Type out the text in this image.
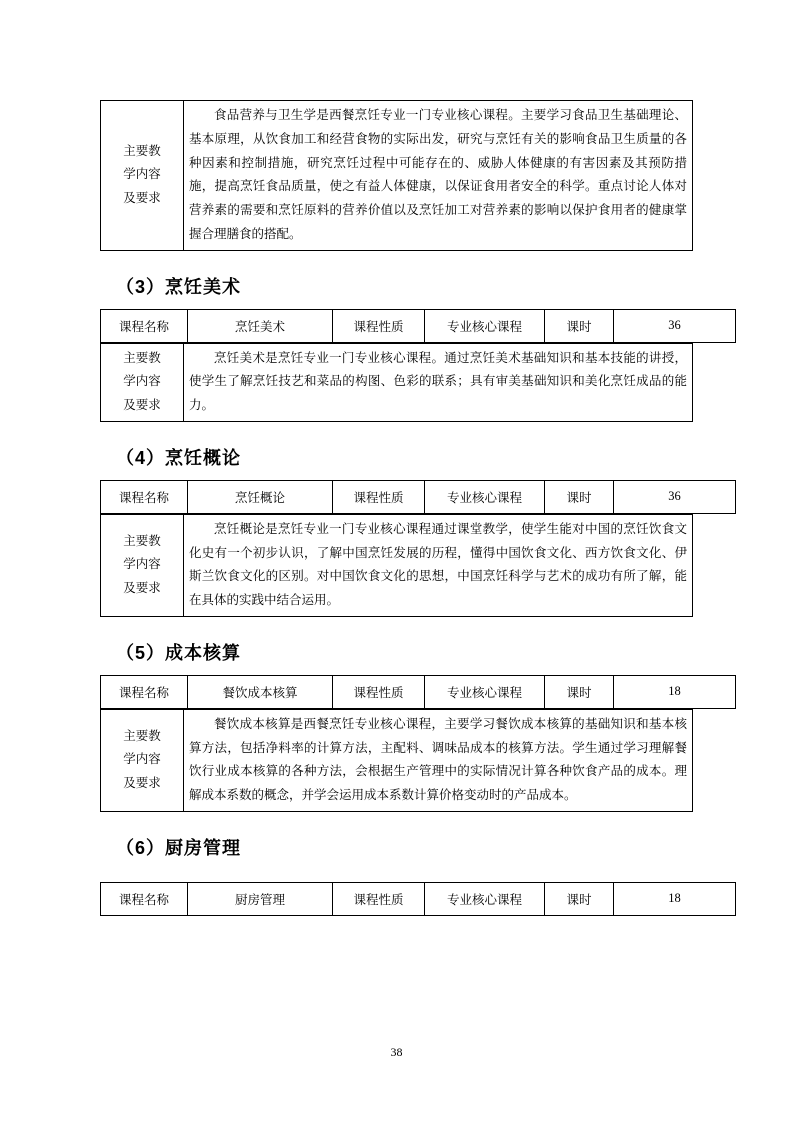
主要教
学内容
及要求

食品营养与卫生学是西餐烹饪专业一门专业核心课程。主要学习食品卫生基础理论、基本原理，从饮食加工和经营食物的实际出发，研究与烹饪有关的影响食品卫生质量的各种因素和控制措施，研究烹饪过程中可能存在的、威胁人体健康的有害因素及其预防措施，提高烹饪食品质量，使之有益人体健康，以保证食用者安全的科学。重点讨论人体对营养素的需要和烹饪原料的营养价值以及烹饪加工对营养素的影响以保护食用者的健康掌握合理膳食的搭配。

（3）烹饪美术
课程名称	烹饪美术	课程性质	专业核心课程	课时	36
主要教
学内容
及要求

烹饪美术是烹饪专业一门专业核心课程。通过烹饪美术基础知识和基本技能的讲授，使学生了解烹饪技艺和菜品的构图、色彩的联系；具有审美基础知识和美化烹饪成品的能力。

（4）烹饪概论
课程名称	烹饪概论	课程性质	专业核心课程	课时	36
主要教
学内容
及要求

烹饪概论是烹饪专业一门专业核心课程通过课堂教学，使学生能对中国的烹饪饮食文化史有一个初步认识，了解中国烹饪发展的历程，懂得中国饮食文化、西方饮食文化、伊斯兰饮食文化的区别。对中国饮食文化的思想，中国烹饪科学与艺术的成功有所了解，能在具体的实践中结合运用。

（5）成本核算
课程名称	餐饮成本核算	课程性质	专业核心课程	课时	18
主要教
学内容
及要求

餐饮成本核算是西餐烹饪专业核心课程，主要学习餐饮成本核算的基础知识和基本核算方法，包括净料率的计算方法，主配料、调味品成本的核算方法。学生通过学习理解餐饮行业成本核算的各种方法，会根据生产管理中的实际情况计算各种饮食产品的成本。理解成本系数的概念，并学会运用成本系数计算价格变动时的产品成本。

（6）厨房管理
课程名称	厨房管理	课程性质	专业核心课程	课时	18
38
